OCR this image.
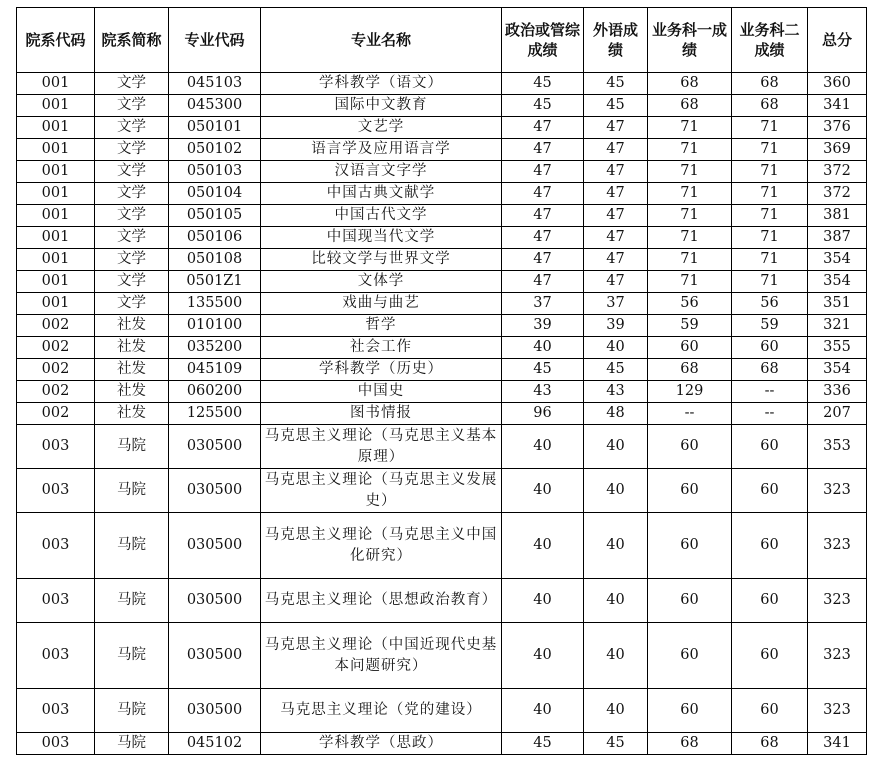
院系代码	院系简称	专业代码	专业名称	政治或管综成绩	外语成绩	业务科一成绩	业务科二成绩	总分
001	文学	045103	学科教学（语文）	45	45	68	68	360
001	文学	045300	国际中文教育	45	45	68	68	341
001	文学	050101	文艺学	47	47	71	71	376
001	文学	050102	语言学及应用语言学	47	47	71	71	369
001	文学	050103	汉语言文字学	47	47	71	71	372
001	文学	050104	中国古典文献学	47	47	71	71	372
001	文学	050105	中国古代文学	47	47	71	71	381
001	文学	050106	中国现当代文学	47	47	71	71	387
001	文学	050108	比较文学与世界文学	47	47	71	71	354
001	文学	0501Z1	文体学	47	47	71	71	354
001	文学	135500	戏曲与曲艺	37	37	56	56	351
002	社发	010100	哲学	39	39	59	59	321
002	社发	035200	社会工作	40	40	60	60	355
002	社发	045109	学科教学（历史）	45	45	68	68	354
002	社发	060200	中国史	43	43	129	--	336
002	社发	125500	图书情报	96	48	--	--	207
003	马院	030500	马克思主义理论（马克思主义基本原理）	40	40	60	60	353
003	马院	030500	马克思主义理论（马克思主义发展史）	40	40	60	60	323
003	马院	030500	马克思主义理论（马克思主义中国化研究）	40	40	60	60	323
003	马院	030500	马克思主义理论（思想政治教育）	40	40	60	60	323
003	马院	030500	马克思主义理论（中国近现代史基本问题研究）	40	40	60	60	323
003	马院	030500	马克思主义理论（党的建设）	40	40	60	60	323
003	马院	045102	学科教学（思政）	45	45	68	68	341
